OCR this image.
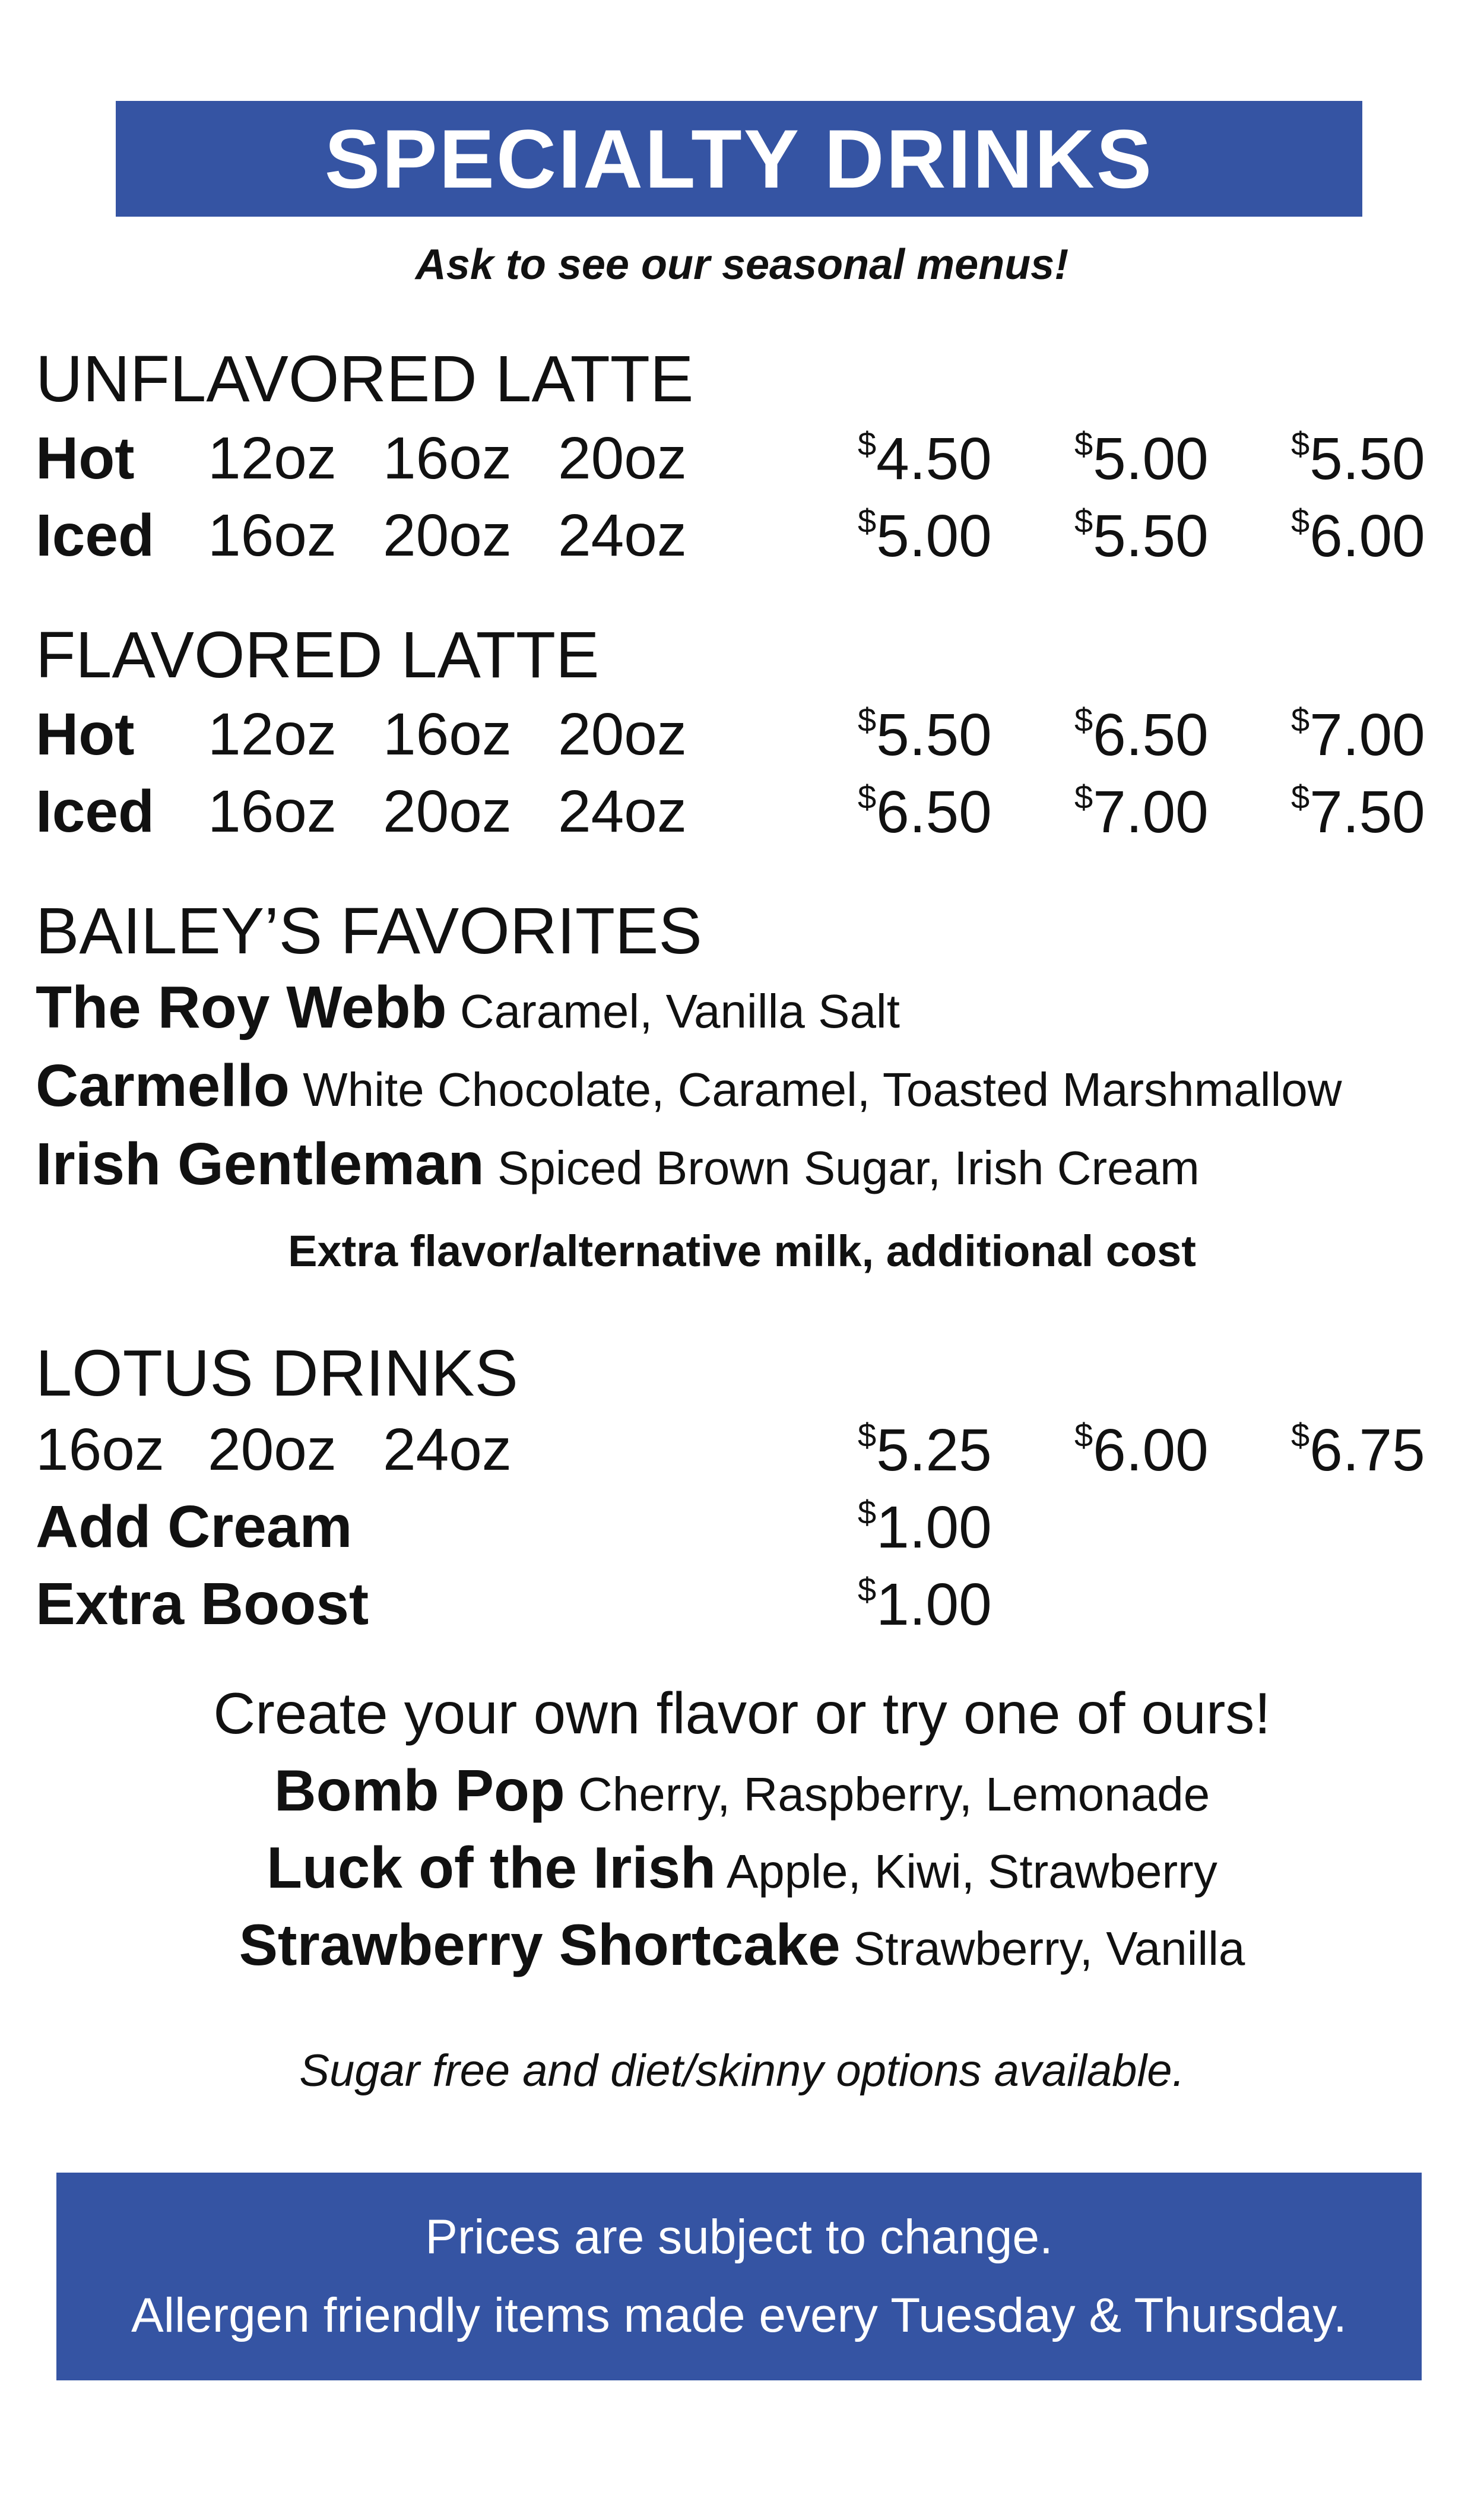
SPECIALTY DRINKS
Ask to see our seasonal menus!
UNFLAVORED LATTE
Hot 12oz 16oz 20oz	$4.50 $5.00 $5.50
Iced 16oz 20oz 24oz	$5.00 $5.50 $6.00
FLAVORED LATTE
Hot 12oz 16oz 20oz	$5.50 $6.50 $7.00
Iced 16oz 20oz 24oz	$6.50 $7.00 $7.50
BAILEY’S FAVORITES
The Roy Webb Caramel, Vanilla Salt
Carmello White Chocolate, Caramel, Toasted Marshmallow
Irish Gentleman Spiced Brown Sugar, Irish Cream
Extra flavor/alternative milk, additional cost
LOTUS DRINKS
16oz 20oz 24oz	$5.25 $6.00 $6.75
Add Cream	$1.00
Extra Boost	$1.00
Create your own flavor or try one of ours!
Bomb Pop Cherry, Raspberry, Lemonade
Luck of the Irish Apple, Kiwi, Strawberry
Strawberry Shortcake Strawberry, Vanilla
Sugar free and diet/skinny options available.
Prices are subject to change.
Allergen friendly items made every Tuesday & Thursday.
